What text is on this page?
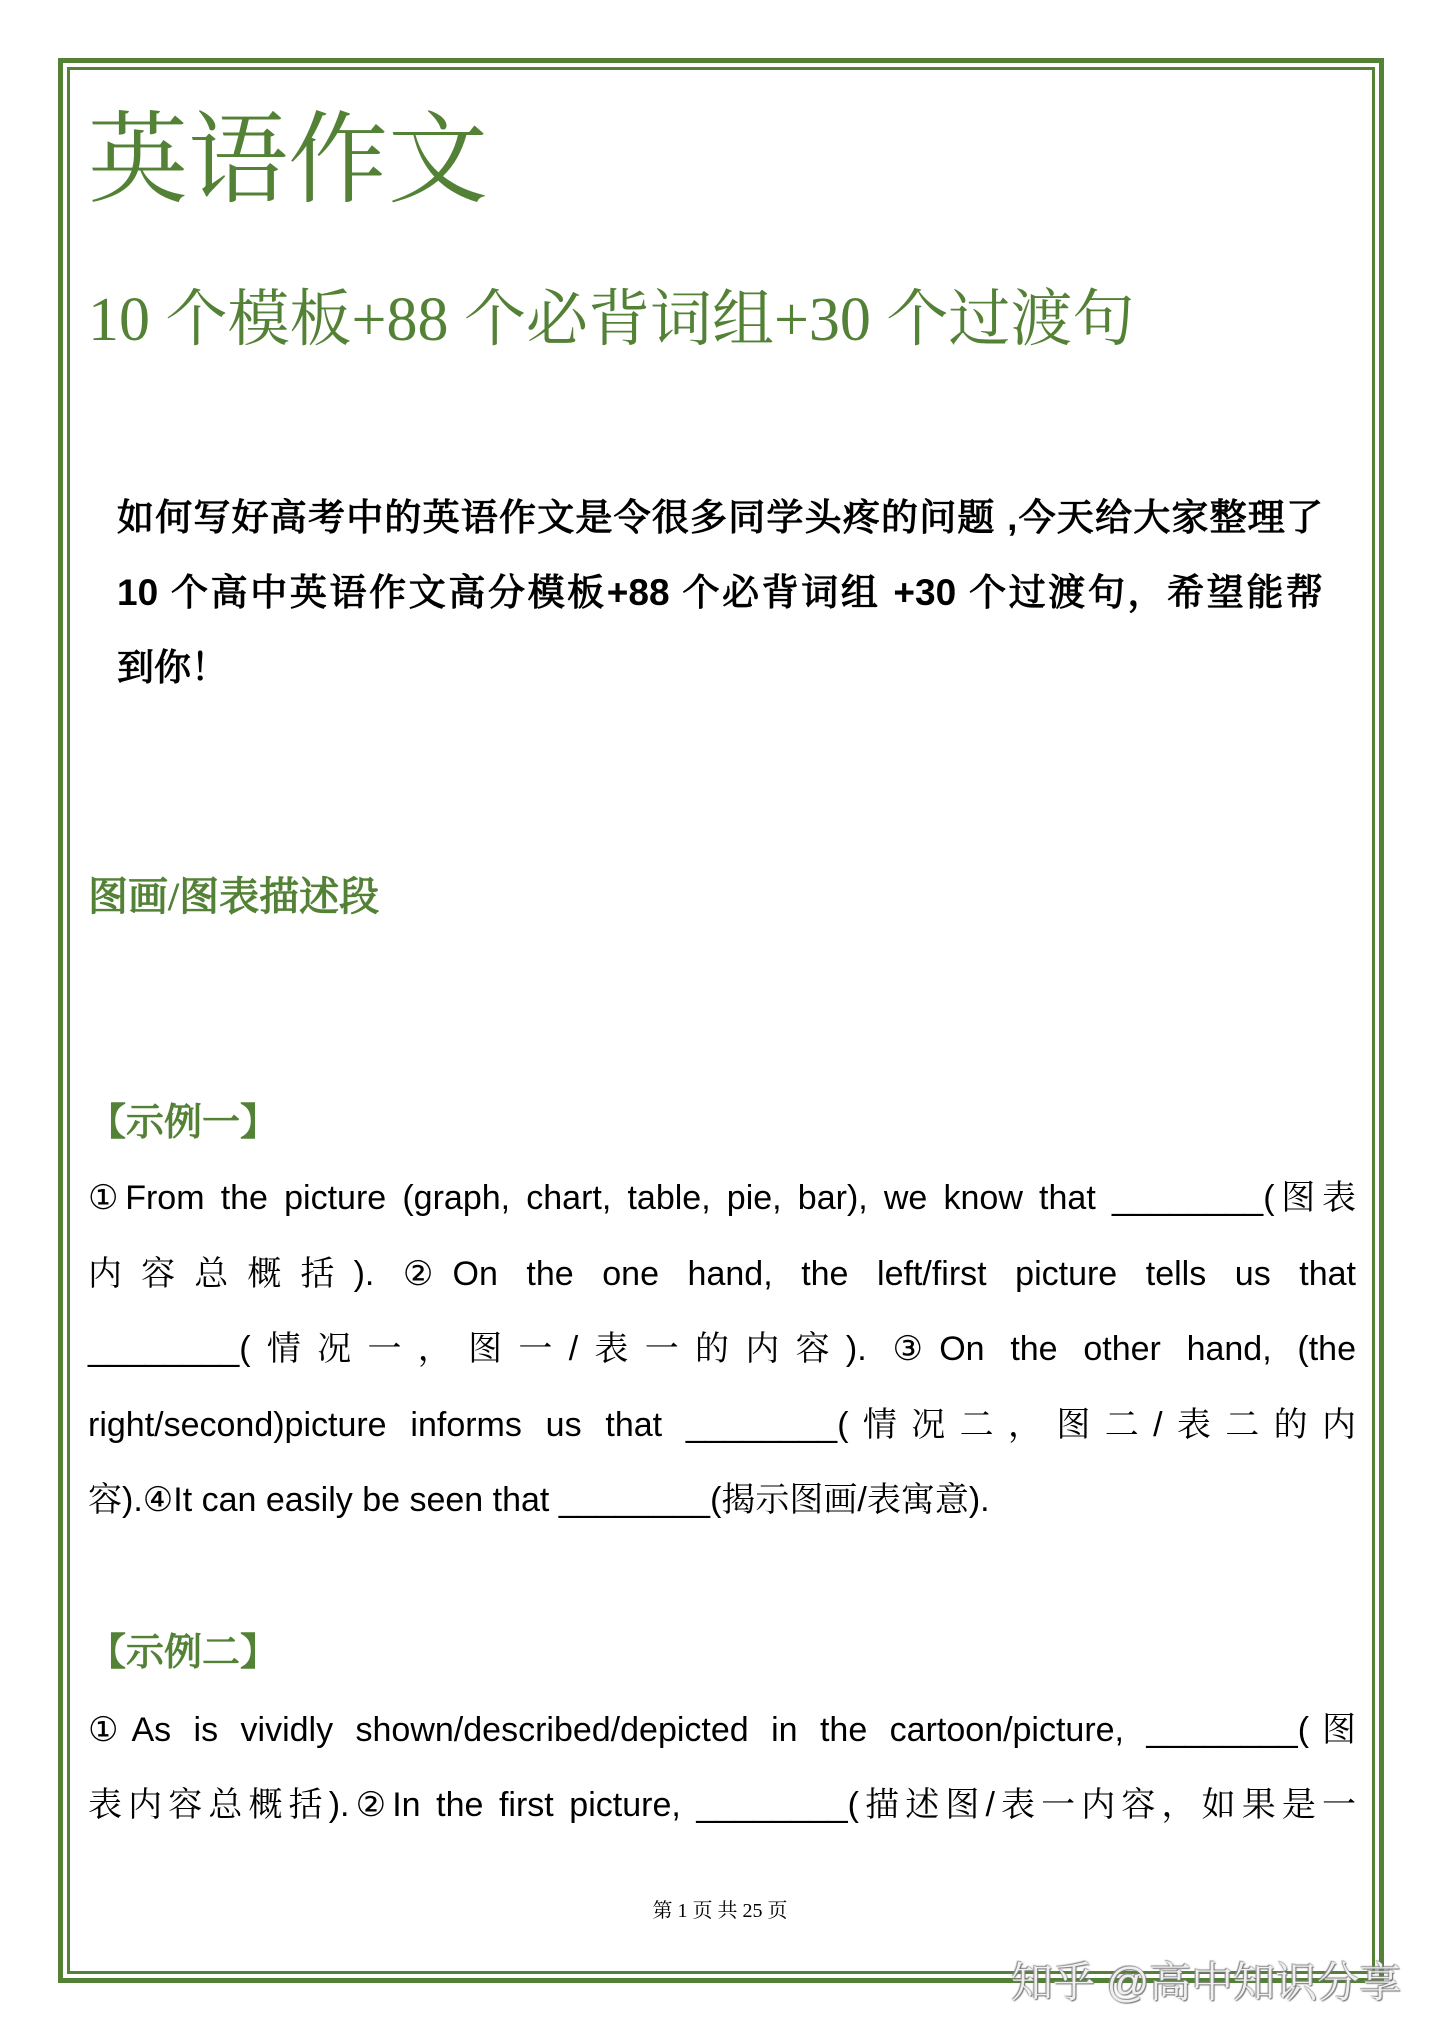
英语作文
10 个模板+88 个必背词组+30 个过渡句
如何写好高考中的英语作文是令很多同学头疼的问题 ,今天给大家整理了
10 个高中英语作文高分模板+88 个必背词组 +30 个过渡句，希望能帮
到你！
图画/图表描述段
【示例一】
①From the picture (graph, chart, table, pie, bar), we know that ________(图表
内容总概括). ②On the one hand, the left/first picture tells us that
________(情况一，图一/表一的内容). ③On the other hand, (the
right/second)picture informs us that ________(情况二，图二/表二的内
容).④It can easily be seen that ________(揭示图画/表寓意).
【示例二】
①As is vividly shown/described/depicted in the cartoon/picture, ________(图
表内容总概括).②In the first picture, ________(描述图/表一内容，如果是一
第 1 页 共 25 页
知乎 @高中知识分享
